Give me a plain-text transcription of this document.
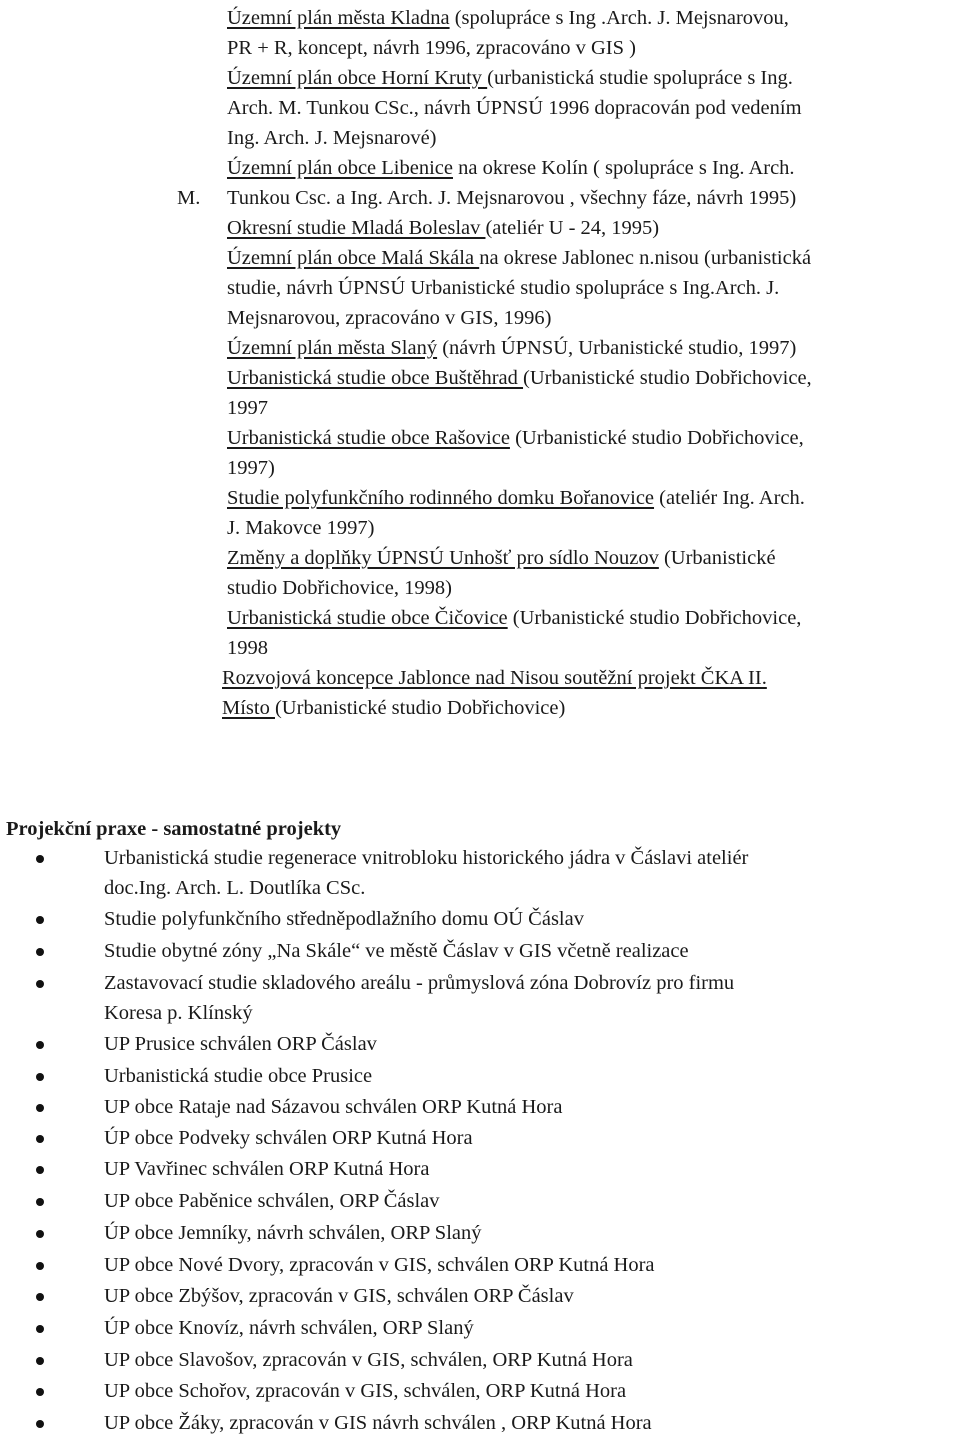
Územní plán města Kladna (spolupráce s Ing .Arch. J. Mejsnarovou,
PR + R, koncept, návrh 1996, zpracováno v GIS )
Územní plán obce Horní Kruty (urbanistická studie spolupráce s Ing.
Arch. M. Tunkou CSc., návrh ÚPNSÚ 1996 dopracován pod vedením
Ing. Arch. J. Mejsnarové)
Územní plán obce Libenice na okrese Kolín ( spolupráce s Ing. Arch.
M. Tunkou Csc. a Ing. Arch. J. Mejsnarovou , všechny fáze, návrh 1995)
Okresní studie Mladá Boleslav (ateliér U - 24, 1995)
Územní plán obce Malá Skála na okrese Jablonec n.nisou (urbanistická
studie, návrh ÚPNSÚ Urbanistické studio spolupráce s Ing.Arch. J.
Mejsnarovou, zpracováno v GIS, 1996)
Územní plán města Slaný (návrh ÚPNSÚ, Urbanistické studio, 1997)
Urbanistická studie obce Buštěhrad (Urbanistické studio Dobřichovice,
1997
Urbanistická studie obce Rašovice (Urbanistické studio Dobřichovice,
1997)
Studie polyfunkčního rodinného domku Bořanovice (ateliér Ing. Arch.
J. Makovce 1997)
Změny a doplňky ÚPNSÚ Unhošť pro sídlo Nouzov (Urbanistické
studio Dobřichovice, 1998)
Urbanistická studie obce Čičovice (Urbanistické studio Dobřichovice,
1998
Rozvojová koncepce Jablonce nad Nisou soutěžní projekt ČKA II.
Místo (Urbanistické studio Dobřichovice)
Projekční praxe - samostatné projekty
Urbanistická studie regenerace vnitrobloku historického jádra v Čáslavi ateliér
doc.Ing. Arch. L. Doutlíka CSc.
Studie polyfunkčního středněpodlažního domu OÚ Čáslav
Studie obytné zóny „Na Skále“ ve městě Čáslav v GIS včetně realizace
Zastavovací studie skladového areálu - průmyslová zóna Dobrovíz pro firmu
Koresa p. Klínský
UP Prusice schválen ORP Čáslav
Urbanistická studie obce Prusice
UP obce Rataje nad Sázavou schválen ORP Kutná Hora
ÚP obce Podveky schválen ORP Kutná Hora
UP Vavřinec schválen ORP Kutná Hora
UP obce Paběnice schválen, ORP Čáslav
ÚP obce Jemníky, návrh schválen, ORP Slaný
UP obce Nové Dvory, zpracován v GIS, schválen ORP Kutná Hora
UP obce Zbýšov, zpracován v GIS, schválen ORP Čáslav
ÚP obce Knovíz, návrh schválen, ORP Slaný
UP obce Slavošov, zpracován v GIS, schválen, ORP Kutná Hora
UP obce Schořov, zpracován v GIS, schválen, ORP Kutná Hora
UP obce Žáky, zpracován v GIS návrh schválen , ORP Kutná Hora
